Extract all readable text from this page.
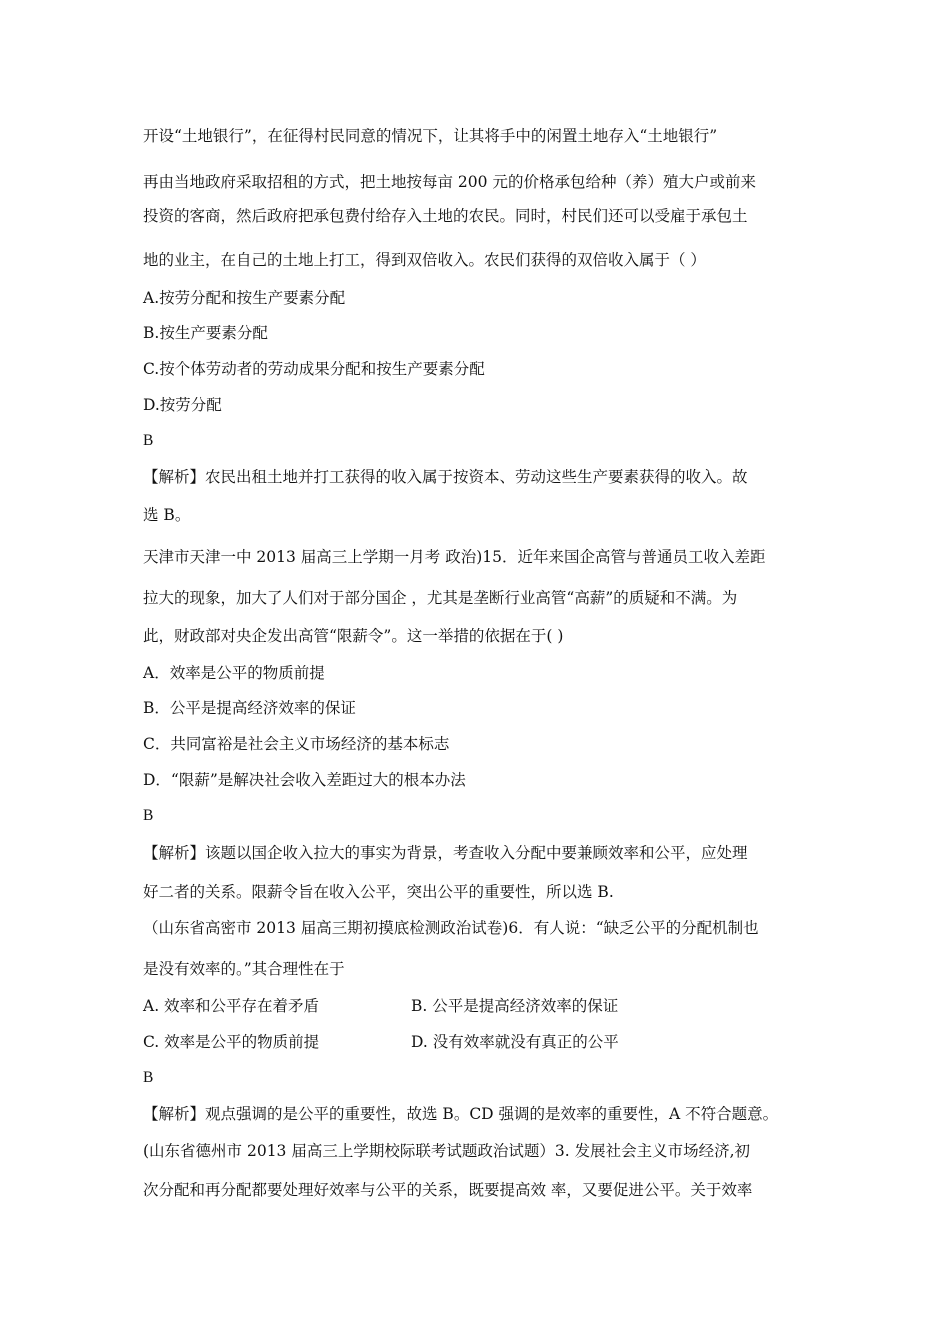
开设“土地银行”，在征得村民同意的情况下，让其将手中的闲置土地存入“土地银行”
再由当地政府采取招租的方式，把土地按每亩 200 元的价格承包给种（养）殖大户或前来
投资的客商，然后政府把承包费付给存入土地的农民。同时，村民们还可以受雇于承包土
地的业主，在自己的土地上打工，得到双倍收入。农民们获得的双倍收入属于（ ）
A.按劳分配和按生产要素分配
B.按生产要素分配
C.按个体劳动者的劳动成果分配和按生产要素分配
D.按劳分配
B
【解析】农民出租土地并打工获得的收入属于按资本、劳动这些生产要素获得的收入。故
选 B。
天津市天津一中 2013 届高三上学期一月考 政治)15．近年来国企高管与普通员工收入差距
拉大的现象，加大了人们对于部分国企 ，尤其是垄断行业高管“高薪”的质疑和不满。为
此，财政部对央企发出高管“限薪令”。这一举措的依据在于( )
A．效率是公平的物质前提
B．公平是提高经济效率的保证
C．共同富裕是社会主义市场经济的基本标志
D．“限薪”是解决社会收入差距过大的根本办法
B
【解析】该题以国企收入拉大的事实为背景，考查收入分配中要兼顾效率和公平，应处理
好二者的关系。限薪令旨在收入公平，突出公平的重要性，所以选 B.
（山东省高密市 2013 届高三期初摸底检测政治试卷)6．有人说：“缺乏公平的分配机制也
是没有效率的。”其合理性在于
A. 效率和公平存在着矛盾	B. 公平是提高经济效率的保证
C. 效率是公平的物质前提	D. 没有效率就没有真正的公平
B
【解析】观点强调的是公平的重要性，故选 B。CD 强调的是效率的重要性，A 不符合题意。
(山东省德州市 2013 届高三上学期校际联考试题政治试题）3. 发展社会主义市场经济,初
次分配和再分配都要处理好效率与公平的关系，既要提高效 率，又要促进公平。关于效率
